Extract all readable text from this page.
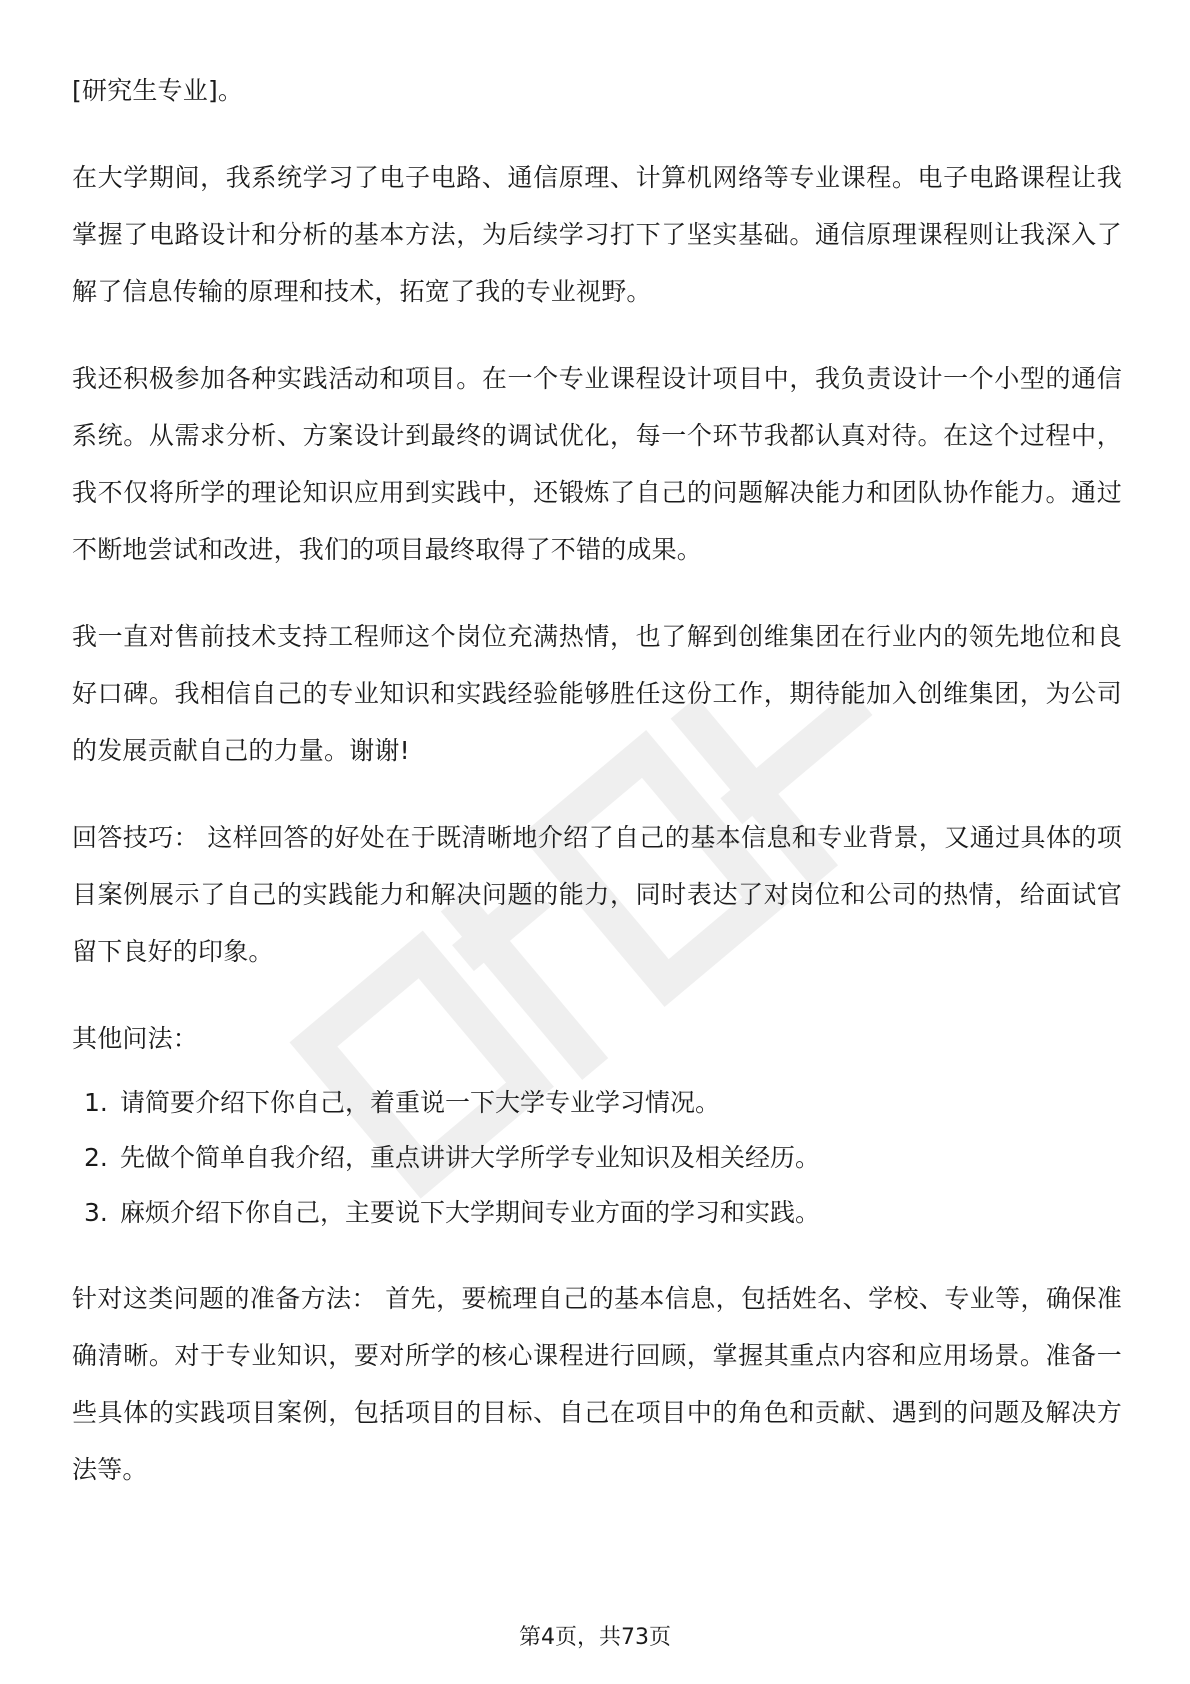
[研究生专业]。

在大学期间，我系统学习了电子电路、通信原理、计算机网络等专业课程。电子电路课程让我掌握了电路设计和分析的基本方法，为后续学习打下了坚实基础。通信原理课程则让我深入了解了信息传输的原理和技术，拓宽了我的专业视野。

我还积极参加各种实践活动和项目。在一个专业课程设计项目中，我负责设计一个小型的通信系统。从需求分析、方案设计到最终的调试优化，每一个环节我都认真对待。在这个过程中，我不仅将所学的理论知识应用到实践中，还锻炼了自己的问题解决能力和团队协作能力。通过不断地尝试和改进，我们的项目最终取得了不错的成果。

我一直对售前技术支持工程师这个岗位充满热情，也了解到创维集团在行业内的领先地位和良好口碑。我相信自己的专业知识和实践经验能够胜任这份工作，期待能加入创维集团，为公司的发展贡献自己的力量。谢谢!

回答技巧： 这样回答的好处在于既清晰地介绍了自己的基本信息和专业背景，又通过具体的项目案例展示了自己的实践能力和解决问题的能力，同时表达了对岗位和公司的热情，给面试官留下良好的印象。

其他问法：

1. 请简要介绍下你自己，着重说一下大学专业学习情况。
2. 先做个简单自我介绍，重点讲讲大学所学专业知识及相关经历。
3. 麻烦介绍下你自己，主要说下大学期间专业方面的学习和实践。

针对这类问题的准备方法： 首先，要梳理自己的基本信息，包括姓名、学校、专业等，确保准确清晰。对于专业知识，要对所学的核心课程进行回顾，掌握其重点内容和应用场景。准备一些具体的实践项目案例，包括项目的目标、自己在项目中的角色和贡献、遇到的问题及解决方法等。

第4页，共73页
